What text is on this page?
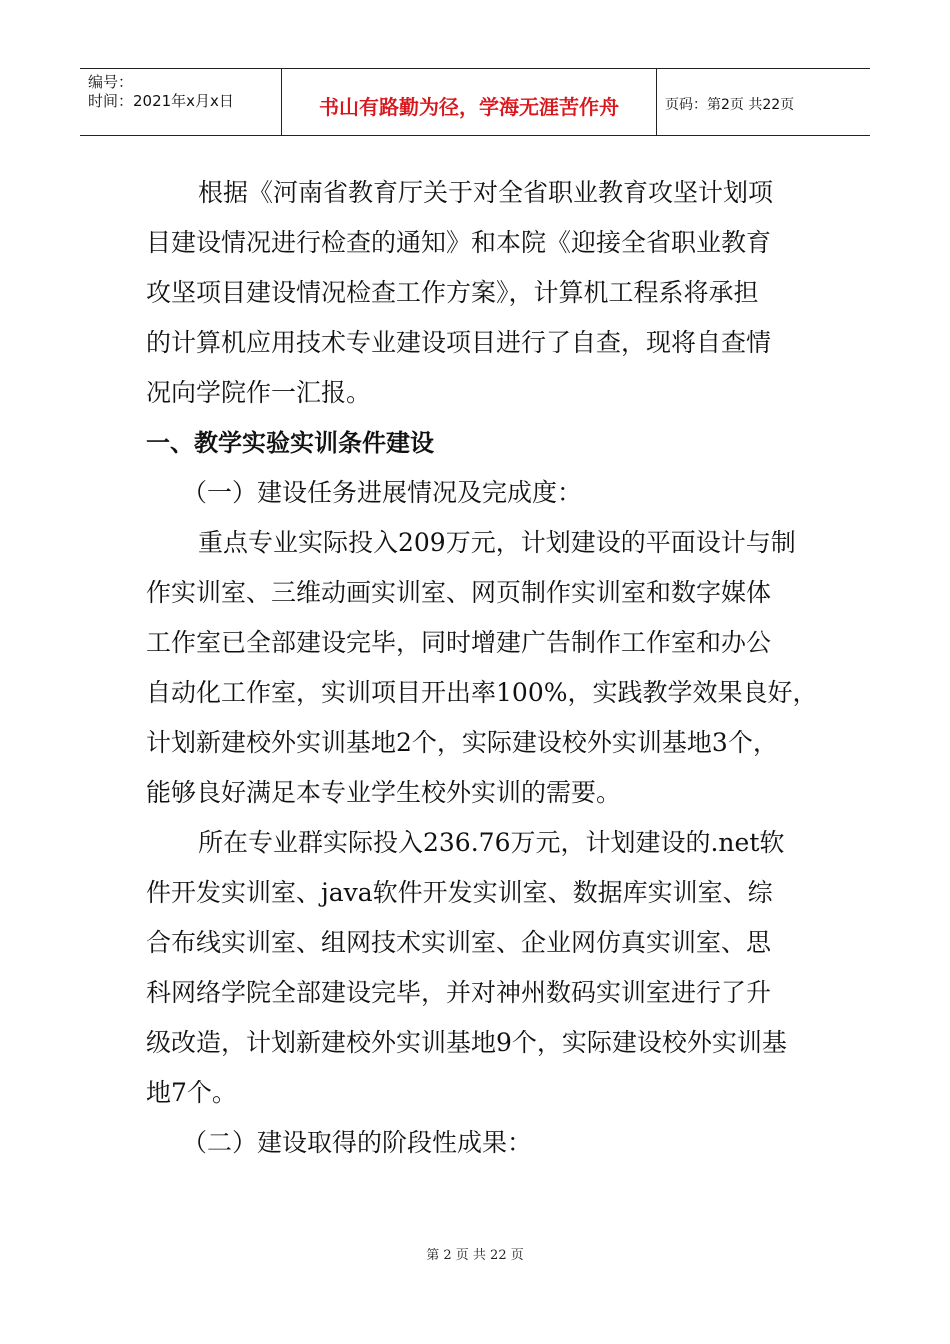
编号：
时间：2021年x月x日	书山有路勤为径，学海无涯苦作舟	页码：第2页 共22页
根据《河南省教育厅关于对全省职业教育攻坚计划项
目建设情况进行检查的通知》和本院《迎接全省职业教育
攻坚项目建设情况检查工作方案》，计算机工程系将承担
的计算机应用技术专业建设项目进行了自查，现将自查情
况向学院作一汇报。
一、教学实验实训条件建设
（一）建设任务进展情况及完成度：
重点专业实际投入209万元，计划建设的平面设计与制
作实训室、三维动画实训室、网页制作实训室和数字媒体
工作室已全部建设完毕，同时增建广告制作工作室和办公
自动化工作室，实训项目开出率100%，实践教学效果良好，
计划新建校外实训基地2个，实际建设校外实训基地3个，
能够良好满足本专业学生校外实训的需要。
所在专业群实际投入236.76万元，计划建设的.net软
件开发实训室、java软件开发实训室、数据库实训室、综
合布线实训室、组网技术实训室、企业网仿真实训室、思
科网络学院全部建设完毕，并对神州数码实训室进行了升
级改造，计划新建校外实训基地9个，实际建设校外实训基
地7个。
（二）建设取得的阶段性成果：
第 2 页 共 22 页
